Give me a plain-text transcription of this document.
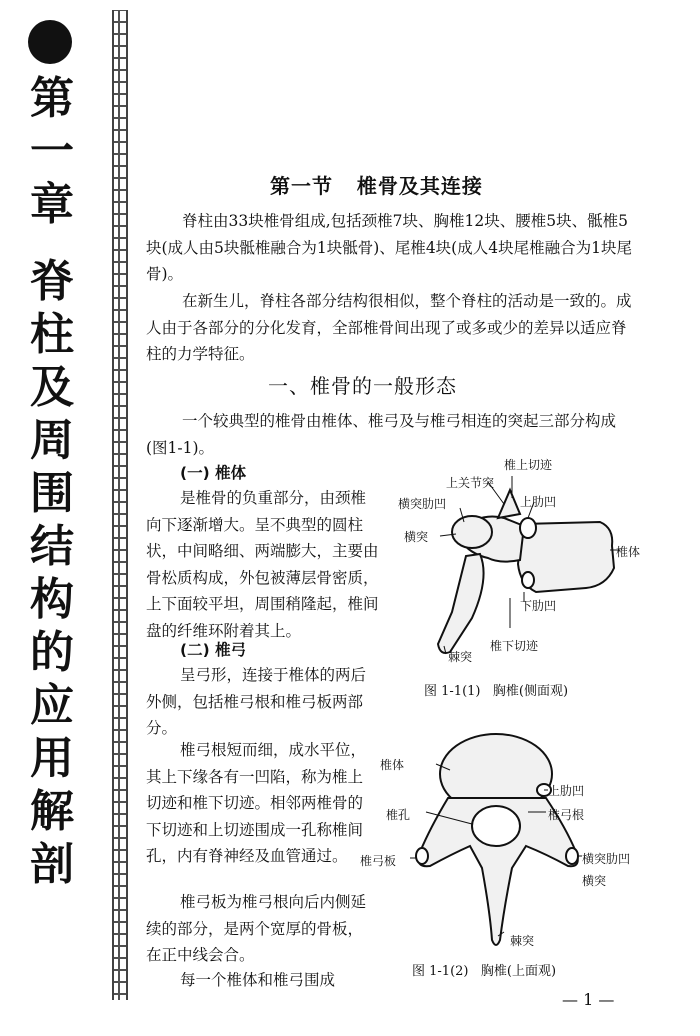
第
一
章
脊
柱
及
周
围
结
构
的
应
用
解
剖
第一节   椎骨及其连接
脊柱由33块椎骨组成,包括颈椎7块、胸椎12块、腰椎5块、骶椎5块(成人由5块骶椎融合为1块骶骨)、尾椎4块(成人4块尾椎融合为1块尾骨)。
在新生儿，脊柱各部分结构很相似，整个脊柱的活动是一致的。成人由于各部分的分化发育，全部椎骨间出现了或多或少的差异以适应脊柱的力学特征。
一、椎骨的一般形态
一个较典型的椎骨由椎体、椎弓及与椎弓相连的突起三部分构成(图1-1)。
(一) 椎体
是椎骨的负重部分，由颈椎向下逐渐增大。呈不典型的圆柱状，中间略细、两端膨大，主要由骨松质构成，外包被薄层骨密质，上下面较平坦，周围稍隆起，椎间盘的纤维环附着其上。
(二) 椎弓
呈弓形，连接于椎体的两后外侧，包括椎弓根和椎弓板两部分。
椎弓根短而细，成水平位，其上下缘各有一凹陷，称为椎上切迹和椎下切迹。相邻两椎骨的下切迹和上切迹围成一孔称椎间孔，内有脊神经及血管通过。
椎弓板为椎弓根向后内侧延续的部分，是两个宽厚的骨板，在正中线会合。
每一个椎体和椎弓围成
椎上切迹
上关节突
横突肋凹	上肋凹
横突
椎体
下肋凹
椎下切迹
棘突
图 1-1(1)   胸椎(侧面观)
椎体
上肋凹
椎弓根
椎孔
椎弓板	横突肋凹
横突
棘突
图 1-1(2)   胸椎(上面观)
— 1 —
